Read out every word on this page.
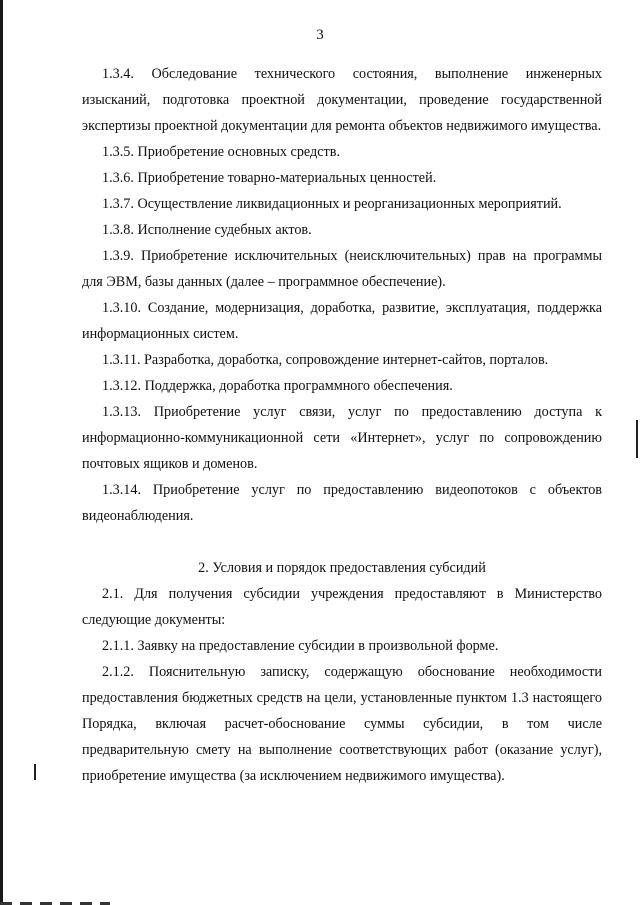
3

1.3.4. Обследование технического состояния, выполнение инженерных изысканий, подготовка проектной документации, проведение государственной экспертизы проектной документации для ремонта объектов недвижимого имущества.

1.3.5. Приобретение основных средств.

1.3.6. Приобретение товарно-материальных ценностей.

1.3.7. Осуществление ликвидационных и реорганизационных мероприятий.

1.3.8. Исполнение судебных актов.

1.3.9. Приобретение исключительных (неисключительных) прав на программы для ЭВМ, базы данных (далее – программное обеспечение).

1.3.10. Создание, модернизация, доработка, развитие, эксплуатация, поддержка информационных систем.

1.3.11. Разработка, доработка, сопровождение интернет-сайтов, порталов.

1.3.12. Поддержка, доработка программного обеспечения.

1.3.13. Приобретение услуг связи, услуг по предоставлению доступа к информационно-коммуникационной сети «Интернет», услуг по сопровождению почтовых ящиков и доменов.

1.3.14. Приобретение услуг по предоставлению видеопотоков с объектов видеонаблюдения.

2. Условия и порядок предоставления субсидий

2.1. Для получения субсидии учреждения предоставляют в Министерство следующие документы:

2.1.1. Заявку на предоставление субсидии в произвольной форме.

2.1.2. Пояснительную записку, содержащую обоснование необходимости предоставления бюджетных средств на цели, установленные пунктом 1.3 настоящего Порядка, включая расчет-обоснование суммы субсидии, в том числе предварительную смету на выполнение соответствующих работ (оказание услуг), приобретение имущества (за исключением недвижимого имущества).
